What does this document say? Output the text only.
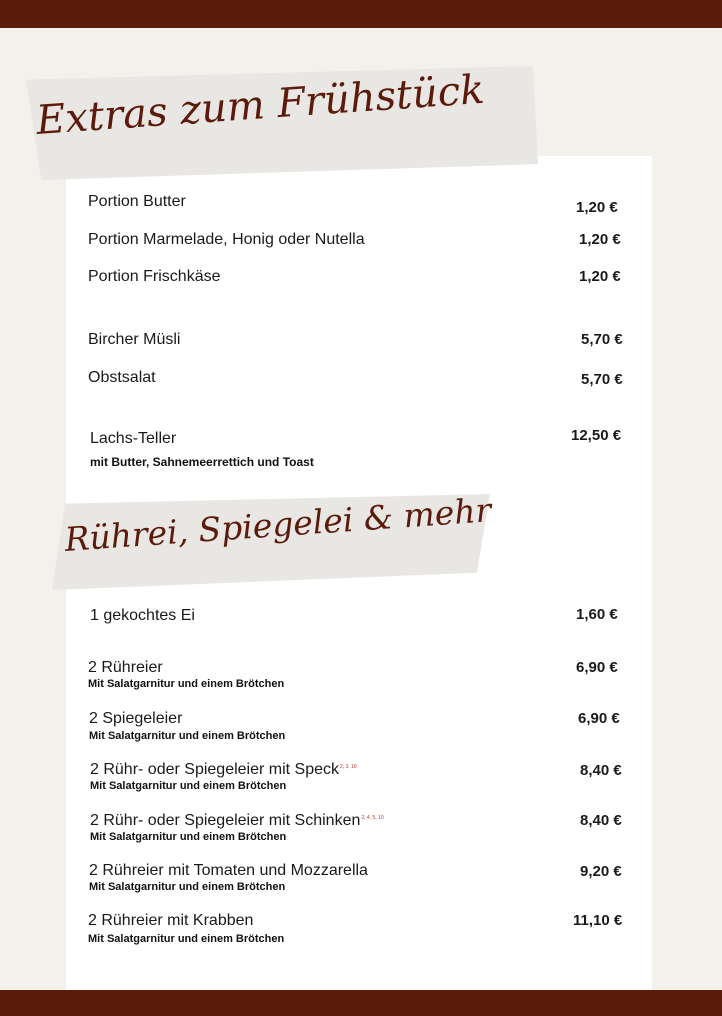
Extras zum Frühstück
Portion Butter	1,20 €
Portion Marmelade, Honig oder Nutella	1,20 €
Portion Frischkäse	1,20 €
Bircher Müsli	5,70 €
Obstsalat	5,70 €
Lachs-Teller	12,50 €
mit Butter, Sahnemeerrettich und Toast
Rührei, Spiegelei & mehr
1 gekochtes Ei	1,60 €
2 Rühreier	6,90 €
Mit Salatgarnitur und einem Brötchen
2 Spiegeleier	6,90 €
Mit Salatgarnitur und einem Brötchen
2 Rühr- oder Spiegeleier mit Speck$^{2, 3, 10}$	8,40 €
Mit Salatgarnitur und einem Brötchen
2 Rühr- oder Spiegeleier mit Schinken$^{2, 4, 5, 10}$	8,40 €
Mit Salatgarnitur und einem Brötchen
2 Rühreier mit Tomaten und Mozzarella	9,20 €
Mit Salatgarnitur und einem Brötchen
2 Rühreier mit Krabben	11,10 €
Mit Salatgarnitur und einem Brötchen
